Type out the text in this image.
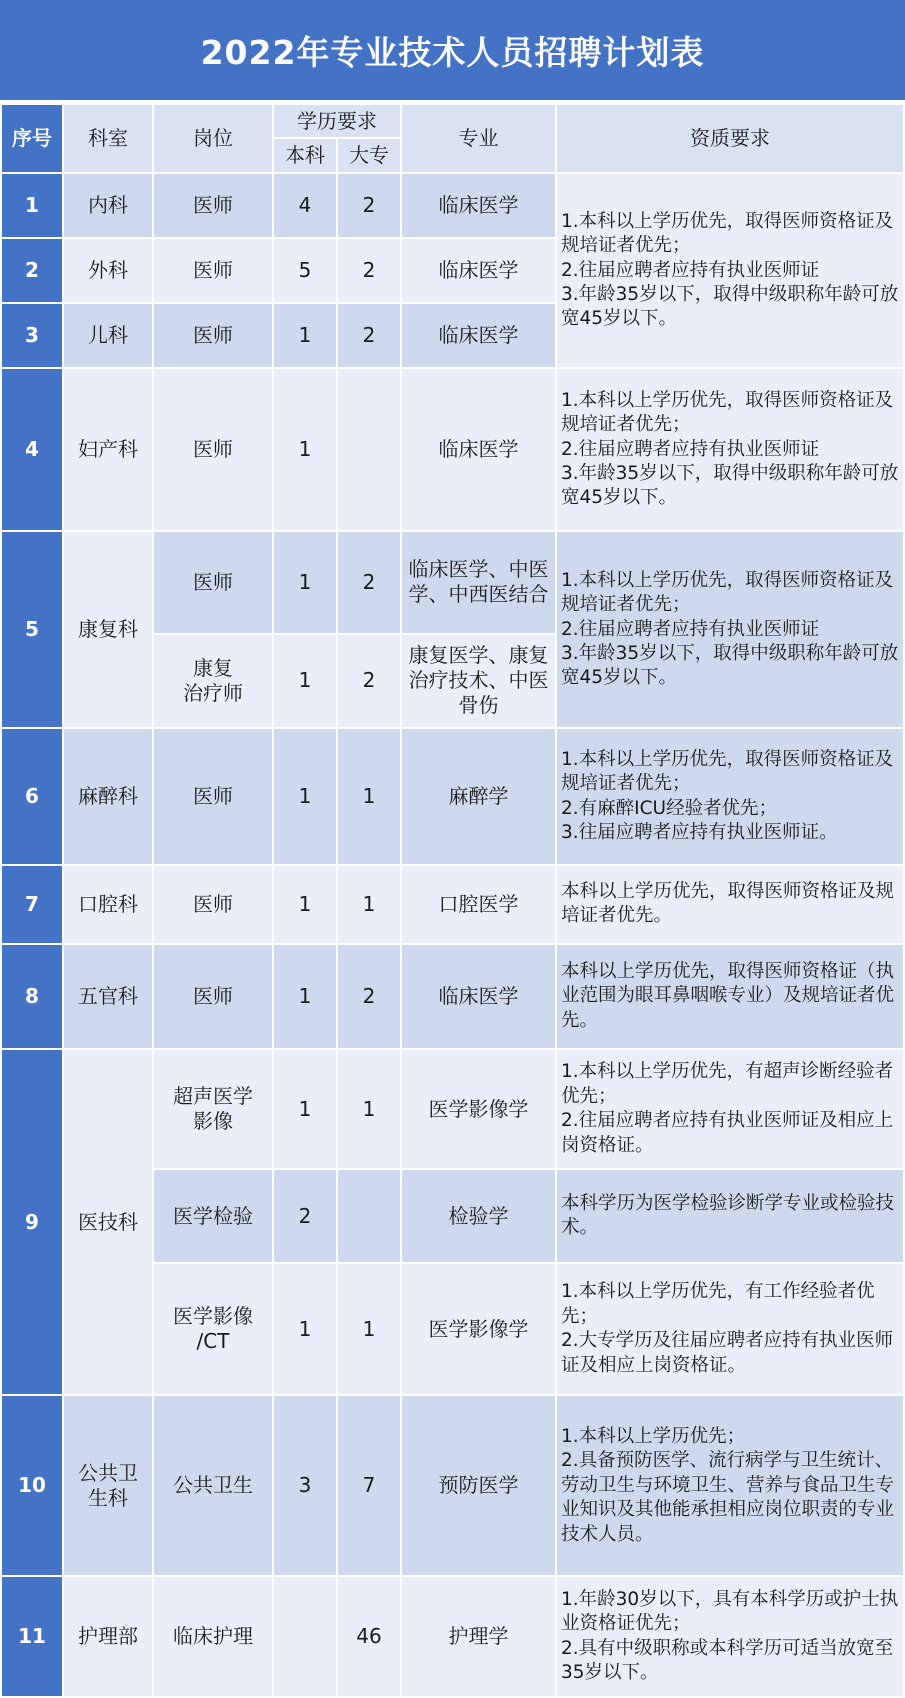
2022年专业技术人员招聘计划表
序号	科室	岗位	学历要求		专业	资质要求
			本科	大专		
1	内科	医师	4	2	临床医学	1.本科以上学历优先，取得医师资格证及规培证者优先；
2.往届应聘者应持有执业医师证
3.年龄35岁以下，取得中级职称年龄可放宽45岁以下。
2	外科	医师	5	2	临床医学	
3	儿科	医师	1	2	临床医学	
4	妇产科	医师	1		临床医学	1.本科以上学历优先，取得医师资格证及规培证者优先；
2.往届应聘者应持有执业医师证
3.年龄35岁以下，取得中级职称年龄可放宽45岁以下。
5	康复科	医师	1	2	临床医学、中医
学、中西医结合	1.本科以上学历优先，取得医师资格证及规培证者优先；
2.往届应聘者应持有执业医师证
3.年龄35岁以下，取得中级职称年龄可放宽45岁以下。
		康复
治疗师	1	2	康复医学、康复
治疗技术、中医
骨伤	
6	麻醉科	医师	1	1	麻醉学	1.本科以上学历优先，取得医师资格证及规培证者优先；
2.有麻醉ICU经验者优先；
3.往届应聘者应持有执业医师证。
7	口腔科	医师	1	1	口腔医学	本科以上学历优先，取得医师资格证及规培证者优先。
8	五官科	医师	1	2	临床医学	本科以上学历优先，取得医师资格证（执业范围为眼耳鼻咽喉专业）及规培证者优先。
9	医技科	超声医学
影像	1	1	医学影像学	1.本科以上学历优先，有超声诊断经验者优先；
2.往届应聘者应持有执业医师证及相应上岗资格证。
		医学检验	2		检验学	本科学历为医学检验诊断学专业或检验技术。
		医学影像
/CT	1	1	医学影像学	1.本科以上学历优先，有工作经验者优先；
2.大专学历及往届应聘者应持有执业医师证及相应上岗资格证。
10	公共卫
生科	公共卫生	3	7	预防医学	1.本科以上学历优先；
2.具备预防医学、流行病学与卫生统计、劳动卫生与环境卫生、营养与食品卫生专业知识及其他能承担相应岗位职责的专业技术人员。
11	护理部	临床护理		46	护理学	1.年龄30岁以下，具有本科学历或护士执业资格证优先；
2.具有中级职称或本科学历可适当放宽至35岁以下。
